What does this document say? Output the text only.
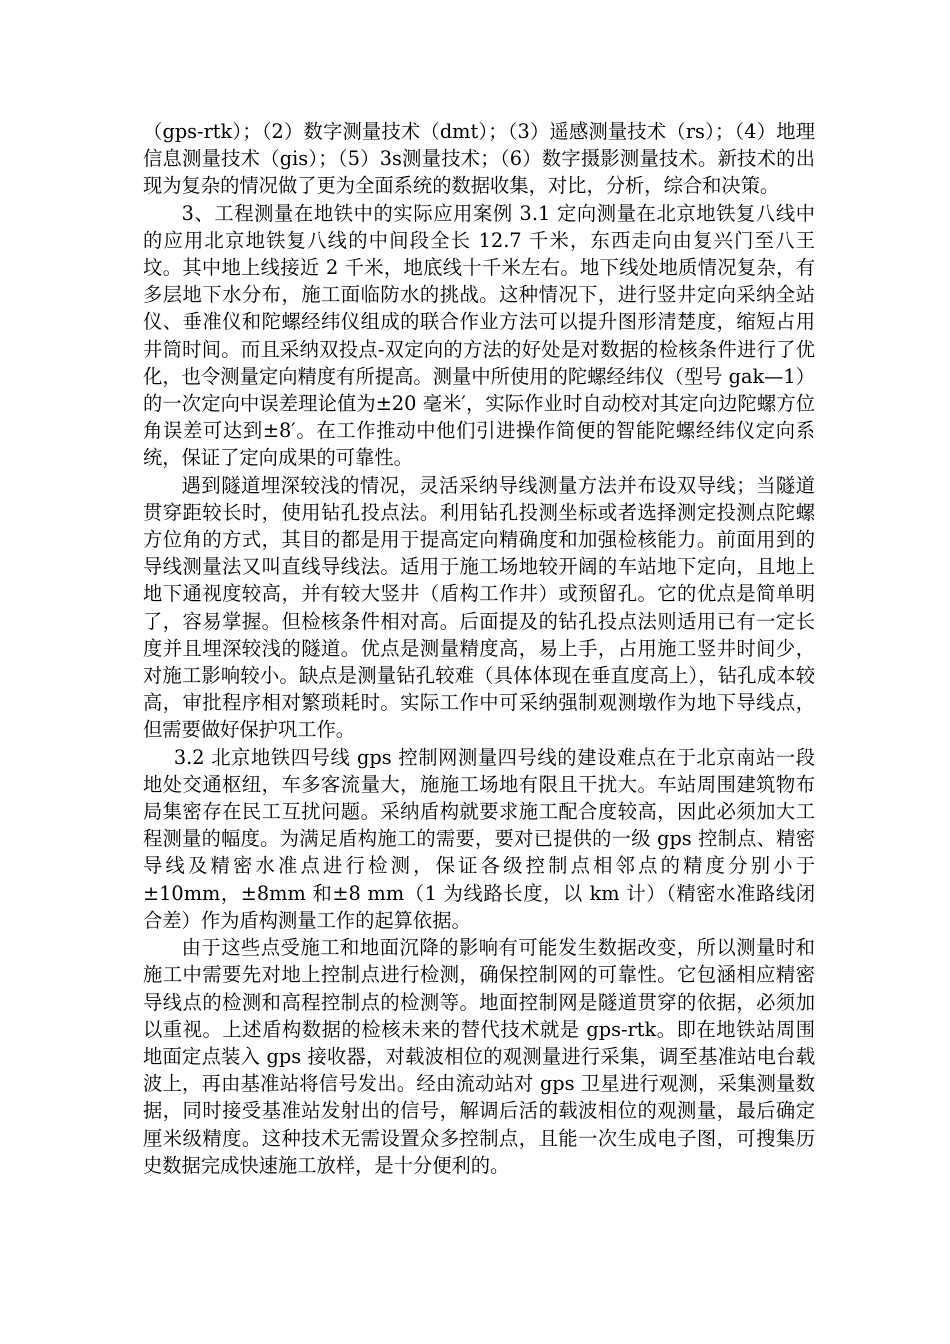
（gps-rtk）；（2）数字测量技术（dmt）；（3）遥感测量技术（rs）；（4）地理信息测量技术（gis）；（5）3s测量技术；（6）数字摄影测量技术。新技术的出现为复杂的情况做了更为全面系统的数据收集，对比，分析，综合和决策。

3、工程测量在地铁中的实际应用案例 3.1 定向测量在北京地铁复八线中的应用北京地铁复八线的中间段全长 12.7 千米，东西走向由复兴门至八王坟。其中地上线接近 2 千米，地底线十千米左右。地下线处地质情况复杂，有多层地下水分布，施工面临防水的挑战。这种情况下，进行竖井定向采纳全站仪、垂准仪和陀螺经纬仪组成的联合作业方法可以提升图形清楚度，缩短占用井筒时间。而且采纳双投点-双定向的方法的好处是对数据的检核条件进行了优化，也令测量定向精度有所提高。测量中所使用的陀螺经纬仪（型号 gak—1）的一次定向中误差理论值为±20 毫米′，实际作业时自动校对其定向边陀螺方位角误差可达到±8′。在工作推动中他们引进操作简便的智能陀螺经纬仪定向系统，保证了定向成果的可靠性。

遇到隧道埋深较浅的情况，灵活采纳导线测量方法并布设双导线；当隧道贯穿距较长时，使用钻孔投点法。利用钻孔投测坐标或者选择测定投测点陀螺方位角的方式，其目的都是用于提高定向精确度和加强检核能力。前面用到的导线测量法又叫直线导线法。适用于施工场地较开阔的车站地下定向，且地上地下通视度较高，并有较大竖井（盾构工作井）或预留孔。它的优点是简单明了，容易掌握。但检核条件相对高。后面提及的钻孔投点法则适用已有一定长度并且埋深较浅的隧道。优点是测量精度高，易上手，占用施工竖井时间少，对施工影响较小。缺点是测量钻孔较难（具体体现在垂直度高上），钻孔成本较高，审批程序相对繁琐耗时。实际工作中可采纳强制观测墩作为地下导线点，但需要做好保护巩工作。

3.2 北京地铁四号线 gps 控制网测量四号线的建设难点在于北京南站一段地处交通枢纽，车多客流量大，施施工场地有限且干扰大。车站周围建筑物布局集密存在民工互扰问题。采纳盾构就要求施工配合度较高，因此必须加大工程测量的幅度。为满足盾构施工的需要，要对已提供的一级 gps 控制点、精密导线及精密水准点进行检测，保证各级控制点相邻点的精度分别小于±10mm，±8mm 和±8 mm（1 为线路长度，以 km 计）（精密水准路线闭合差）作为盾构测量工作的起算依据。

由于这些点受施工和地面沉降的影响有可能发生数据改变，所以测量时和施工中需要先对地上控制点进行检测，确保控制网的可靠性。它包涵相应精密导线点的检测和高程控制点的检测等。地面控制网是隧道贯穿的依据，必须加以重视。上述盾构数据的检核未来的替代技术就是 gps-rtk。即在地铁站周围地面定点装入 gps 接收器，对载波相位的观测量进行采集，调至基准站电台载波上，再由基准站将信号发出。经由流动站对 gps 卫星进行观测，采集测量数据，同时接受基准站发射出的信号，解调后活的载波相位的观测量，最后确定厘米级精度。这种技术无需设置众多控制点，且能一次生成电子图，可搜集历史数据完成快速施工放样，是十分便利的。
